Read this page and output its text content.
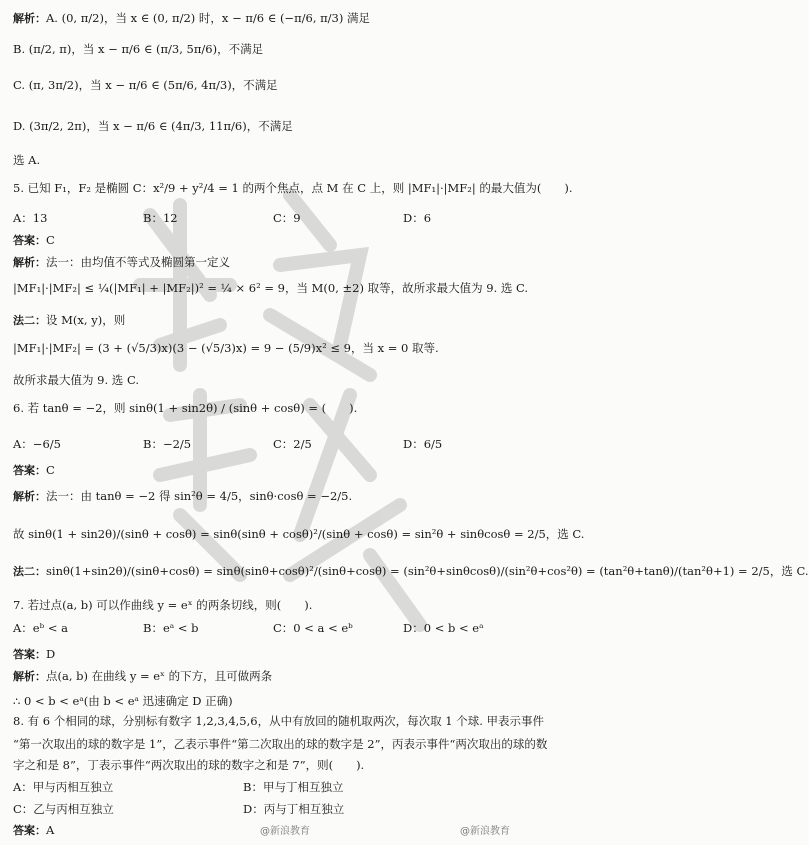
解析：A. (0, π/2)，当 x ∈ (0, π/2) 时，x − π/6 ∈ (−π/6, π/3) 满足
B. (π/2, π)，当 x − π/6 ∈ (π/3, 5π/6)，不满足
C. (π, 3π/2)，当 x − π/6 ∈ (5π/6, 4π/3)，不满足
D. (3π/2, 2π)，当 x − π/6 ∈ (4π/3, 11π/6)，不满足
选 A.
5. 已知 F₁，F₂ 是椭圆 C：x²/9 + y²/4 = 1 的两个焦点，点 M 在 C 上，则 |MF₁|·|MF₂| 的最大值为(　　).
A：13	B：12	C：9	D：6
答案：C
解析：法一：由均值不等式及椭圆第一定义
|MF₁|·|MF₂| ≤ ¼(|MF₁| + |MF₂|)² = ¼ × 6² = 9，当 M(0, ±2) 取等，故所求最大值为 9. 选 C.
法二：设 M(x, y)，则
|MF₁|·|MF₂| = (3 + (√5/3)x)(3 − (√5/3)x) = 9 − (5/9)x² ≤ 9，当 x = 0 取等.
故所求最大值为 9. 选 C.
6. 若 tanθ = −2，则 sinθ(1 + sin2θ) / (sinθ + cosθ) = (　　).
A：−6/5	B：−2/5	C：2/5	D：6/5
答案：C
解析：法一：由 tanθ = −2 得 sin²θ = 4/5，sinθ·cosθ = −2/5.
故 sinθ(1 + sin2θ)/(sinθ + cosθ) = sinθ(sinθ + cosθ)²/(sinθ + cosθ) = sin²θ + sinθcosθ = 2/5，选 C.
法二：sinθ(1+sin2θ)/(sinθ+cosθ) = sinθ(sinθ+cosθ)²/(sinθ+cosθ) = (sin²θ+sinθcosθ)/(sin²θ+cos²θ) = (tan²θ+tanθ)/(tan²θ+1) = 2/5，选 C.
7. 若过点(a, b) 可以作曲线 y = eˣ 的两条切线，则(　　).
A：eᵇ < a	B：eᵃ < b	C：0 < a < eᵇ	D：0 < b < eᵃ
答案：D
解析：点(a, b) 在曲线 y = eˣ 的下方，且可做两条
∴ 0 < b < eᵃ(由 b < eᵃ 迅速确定 D 正确)
8. 有 6 个相同的球，分别标有数字 1,2,3,4,5,6，从中有放回的随机取两次，每次取 1 个球. 甲表示事件
“第一次取出的球的数字是 1”，乙表示事件“第二次取出的球的数字是 2”，丙表示事件“两次取出的球的数
字之和是 8”，丁表示事件“两次取出的球的数字之和是 7”，则(　　).
A：甲与丙相互独立	B：甲与丁相互独立
C：乙与丙相互独立	D：丙与丁相互独立
答案：A	@新浪教育	@新浪教育
